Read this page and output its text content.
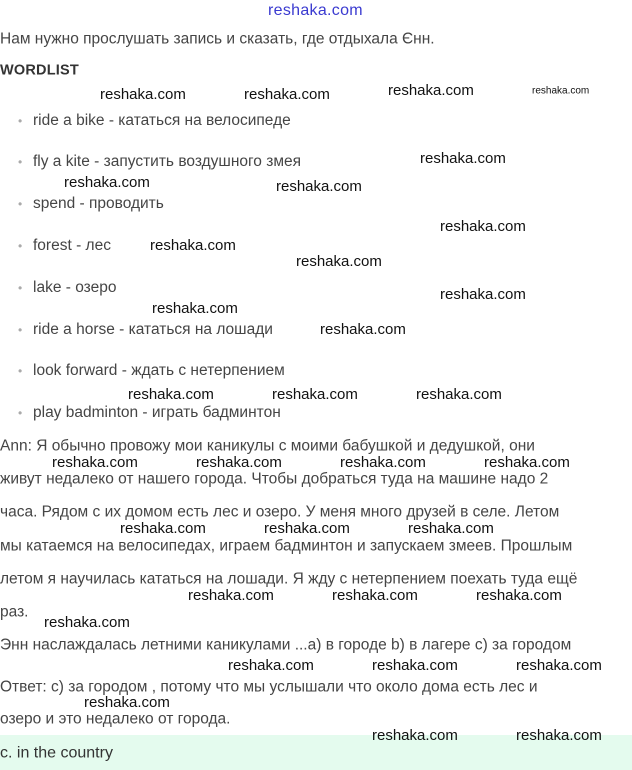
reshaka.com
Нам нужно прослушать запись и сказать, где отдыхала Єнн.
WORDLIST
• ride a bike - кататься на велосипеде
• fly a kite - запустить воздушного змея
• spend - проводить
• forest - лес
• lake - озеро
• ride a horse - кататься на лошади
• look forward - ждать с нетерпением
• play badminton - играть бадминтон
Ann: Я обычно провожу мои каникулы с моими бабушкой и дедушкой, они
живут недалеко от нашего города. Чтобы добраться туда на машине надо 2
часа. Рядом с их домом есть лес и озеро. У меня много друзей в селе. Летом
мы катаемся на велосипедах, играем бадминтон и запускаем змеев. Прошлым
летом я научилась кататься на лошади. Я жду с нетерпением поехать туда ещё
раз.
Энн наслаждалась летними каникулами ...a) в городе b) в лагере c) за городом
Ответ: c) за городом , потому что мы услышали что около дома есть лес и
озеро и это недалеко от города.
c. in the country
reshaka.com	reshaka.com
reshaka.com	reshaka.com
reshaka.com
reshaka.com	reshaka.com
reshaka.com
reshaka.com
reshaka.com
reshaka.com
reshaka.com
reshaka.com
reshaka.com	reshaka.com	reshaka.com
reshaka.com	reshaka.com	reshaka.com	reshaka.com
reshaka.com	reshaka.com	reshaka.com
reshaka.com	reshaka.com	reshaka.com
reshaka.com
reshaka.com	reshaka.com	reshaka.com
reshaka.com
reshaka.com	reshaka.com
